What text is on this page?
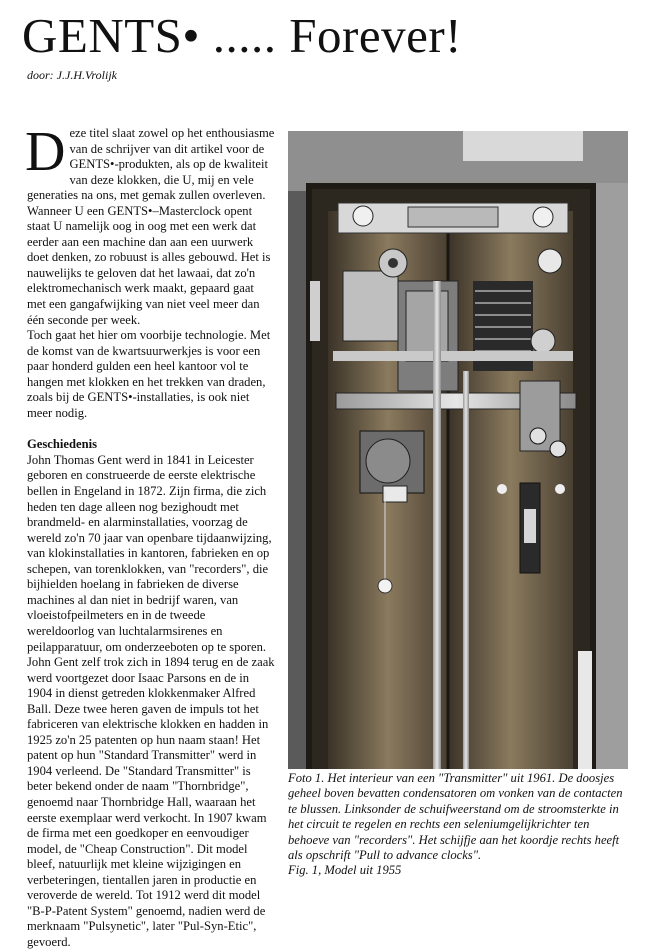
GENTS• ..... Forever!
door: J.J.H.Vrolijk

Deze titel slaat zowel op het enthousiasme van de schrijver van dit artikel voor de GENTS•-produkten, als op de kwaliteit van deze klokken, die U, mij en vele generaties na ons, met gemak zullen overleven. Wanneer U een GENTS•–Masterclock opent staat U namelijk oog in oog met een werk dat eerder aan een machine dan aan een uurwerk doet denken, zo robuust is alles gebouwd. Het is nauwelijks te geloven dat het lawaai, dat zo'n elektromechanisch werk maakt, gepaard gaat met een gangafwijking van niet veel meer dan één seconde per week.

Toch gaat het hier om voorbije technologie. Met de komst van de kwartsuurwerkjes is voor een paar honderd gulden een heel kantoor vol te hangen met klokken en het trekken van draden, zoals bij de GENTS•-installaties, is ook niet meer nodig.

Geschiedenis

John Thomas Gent werd in 1841 in Leicester geboren en construeerde de eerste elektrische bellen in Engeland in 1872. Zijn firma, die zich heden ten dage alleen nog bezighoudt met brandmeld- en alarminstallaties, voorzag de wereld zo'n 70 jaar van openbare tijdaanwijzing, van klokinstallaties in kantoren, fabrieken en op schepen, van torenklokken, van "recorders", die bijhielden hoelang in fabrieken de diverse machines al dan niet in bedrijf waren, van vloeistofpeilmeters en in de tweede wereldoorlog van luchtalarmsirenes en peilapparatuur, om onderzeeboten op te sporen.

John Gent zelf trok zich in 1894 terug en de zaak werd voortgezet door Isaac Parsons en de in 1904 in dienst getreden klokkenmaker Alfred Ball. Deze twee heren gaven de impuls tot het fabriceren van elektrische klokken en hadden in 1925 zo'n 25 patenten op hun naam staan! Het patent op hun "Standard Transmitter" werd in 1904 verleend. De "Standard Transmitter" is beter bekend onder de naam "Thornbridge", genoemd naar Thornbridge Hall, waaraan het eerste exemplaar werd verkocht. In 1907 kwam de firma met een goedkoper en eenvoudiger model, de "Cheap Construction". Dit model bleef, natuurlijk met kleine wijzigingen en verbeteringen, tientallen jaren in productie en veroverde de wereld. Tot 1912 werd dit model "B-P-Patent System" genoemd, nadien werd de merknaam "Pulsynetic", later "Pul-Syn-Etic", gevoerd.

Foto 1. Het interieur van een "Transmitter" uit 1961. De doosjes geheel boven bevatten condensatoren om vonken van de contacten te blussen. Linksonder de schuifweerstand om de stroomsterkte in het circuit te regelen en rechts een seleniumgelijkrichter ten behoeve van "recorders". Het schijfje aan het koordje rechts heeft als opschrift "Pull to advance clocks".

Fig. 1, Model uit 1955
